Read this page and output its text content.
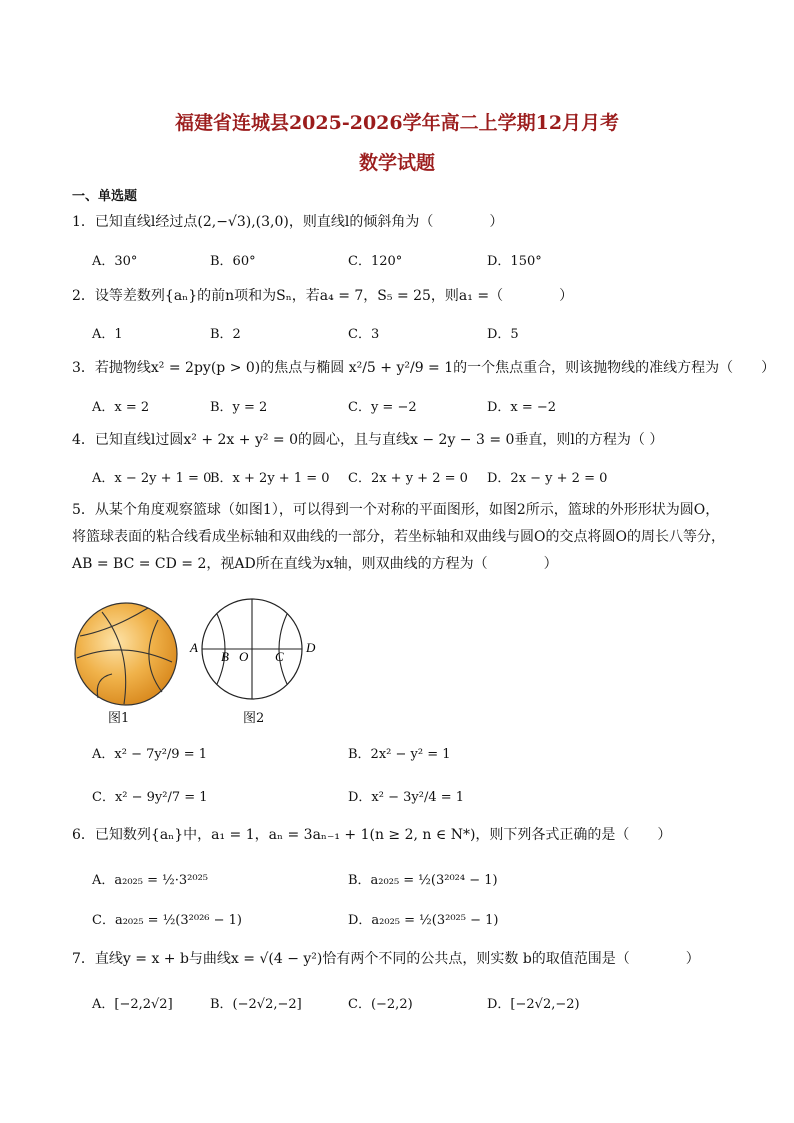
福建省连城县2025-2026学年高二上学期12月月考
数学试题
一、单选题
1．已知直线l经过点(2,−√3),(3,0)，则直线l的倾斜角为（　　　　）
A．30°	B．60°	C．120°	D．150°
2．设等差数列{aₙ}的前n项和为Sₙ，若a₄ = 7，S₅ = 25，则a₁ =（　　　　）
A．1	B．2	C．3	D．5
3．若抛物线x² = 2py(p > 0)的焦点与椭圆 x²/5 + y²/9 = 1的一个焦点重合，则该抛物线的准线方程为（　　）
A．x = 2	B．y = 2	C．y = −2	D．x = −2
4．已知直线l过圆x² + 2x + y² = 0的圆心，且与直线x − 2y − 3 = 0垂直，则l的方程为（ ）
A．x − 2y + 1 = 0
B．x + 2y + 1 = 0 C．2x + y + 2 = 0 D．2x − y + 2 = 0
5．从某个角度观察篮球（如图1），可以得到一个对称的平面图形，如图2所示，篮球的外形形状为圆O，将篮球表面的粘合线看成坐标轴和双曲线的一部分，若坐标轴和双曲线与圆O的交点将圆O的周长八等分，AB = BC = CD = 2，视AD所在直线为x轴，则双曲线的方程为（　　　　）
图1
A
B O C
D
图2
A．x² − 7y²/9 = 1	B．2x² − y² = 1
C．x² − 9y²/7 = 1	D．x² − 3y²/4 = 1
6．已知数列{aₙ}中，a₁ = 1，aₙ = 3aₙ₋₁ + 1(n ≥ 2, n ∈ N*)，则下列各式正确的是（　　）
A．a₂₀₂₅ = ½·3²⁰²⁵	B．a₂₀₂₅ = ½(3²⁰²⁴ − 1)
C．a₂₀₂₅ = ½(3²⁰²⁶ − 1)	D．a₂₀₂₅ = ½(3²⁰²⁵ − 1)
7．直线y = x + b与曲线x = √(4 − y²)恰有两个不同的公共点，则实数 b的取值范围是（　　　　）
A．[−2,2√2]	B．(−2√2,−2]	C．(−2,2)	D．[−2√2,−2)
